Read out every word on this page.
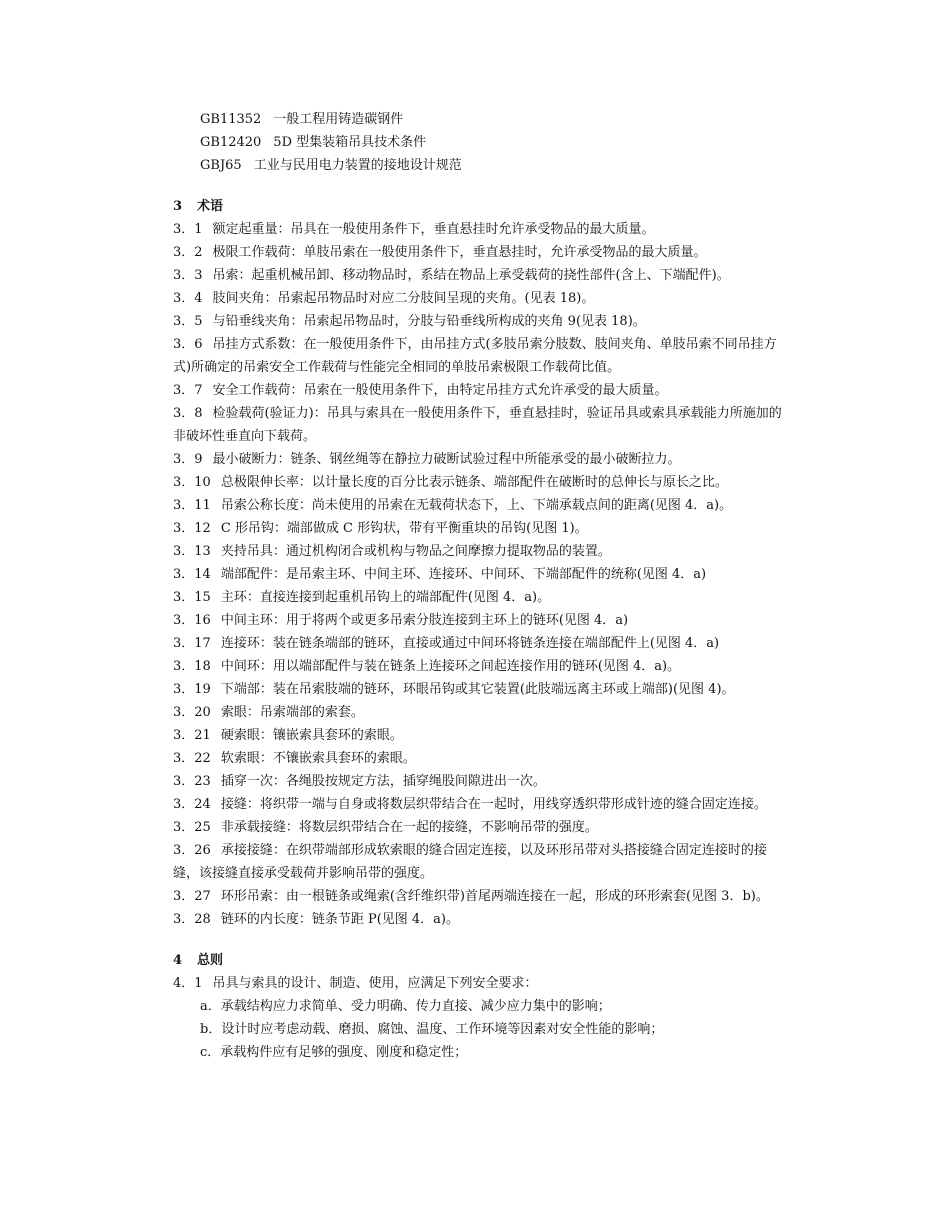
GB11352 一般工程用铸造碳钢件
GB12420 5D 型集装箱吊具技术条件
GBJ65 工业与民用电力装置的接地设计规范
3 术语
3．1 额定起重量：吊具在一般使用条件下，垂直悬挂时允许承受物品的最大质量。
3．2 极限工作载荷：单肢吊索在一般使用条件下，垂直悬挂时，允许承受物品的最大质量。
3．3 吊索：起重机械吊卸、移动物品时，系结在物品上承受载荷的挠性部件(含上、下端配件)。
3．4 肢间夹角：吊索起吊物品时对应二分肢间呈现的夹角。(见表 18)。
3．5 与铅垂线夹角：吊索起吊物品时，分肢与铅垂线所构成的夹角 9(见表 18)。
3．6 吊挂方式系数：在一般使用条件下，由吊挂方式(多肢吊索分肢数、肢间夹角、单肢吊索不同吊挂方式)所确定的吊索安全工作载荷与性能完全相同的单肢吊索极限工作载荷比值。
3．7 安全工作载荷：吊索在一般使用条件下，由特定吊挂方式允许承受的最大质量。
3．8 检验载荷(验证力)：吊具与索具在一般使用条件下，垂直悬挂时，验证吊具或索具承载能力所施加的非破坏性垂直向下载荷。
3．9 最小破断力：链条、钢丝绳等在静拉力破断试验过程中所能承受的最小破断拉力。
3．10 总极限伸长率：以计量长度的百分比表示链条、端部配件在破断时的总伸长与原长之比。
3．11 吊索公称长度：尚未使用的吊索在无载荷状态下，上、下端承载点间的距离(见图 4．a)。
3．12 C 形吊钩：端部做成 C 形钩状，带有平衡重块的吊钩(见图 1)。
3．13 夹持吊具：通过机构闭合或机构与物品之间摩擦力提取物品的装置。
3．14 端部配件：是吊索主环、中间主环、连接环、中间环、下端部配件的统称(见图 4．a)
3．15 主环：直接连接到起重机吊钩上的端部配件(见图 4．a)。
3．16 中间主环：用于将两个或更多吊索分肢连接到主环上的链环(见图 4．a)
3．17 连接环：装在链条端部的链环，直接或通过中间环将链条连接在端部配件上(见图 4．a)
3．18 中间环：用以端部配件与装在链条上连接环之间起连接作用的链环(见图 4．a)。
3．19 下端部：装在吊索肢端的链环，环眼吊钩或其它装置(此肢端远离主环或上端部)(见图 4)。
3．20 索眼：吊索端部的索套。
3．21 硬索眼：镶嵌索具套环的索眼。
3．22 软索眼：不镶嵌索具套环的索眼。
3．23 插穿一次：各绳股按规定方法，插穿绳股间隙进出一次。
3．24 接缝：将织带一端与自身或将数层织带结合在一起时，用线穿透织带形成针迹的缝合固定连接。
3．25 非承载接缝：将数层织带结合在一起的接缝，不影响吊带的强度。
3．26 承接接缝：在织带端部形成软索眼的缝合固定连接，以及环形吊带对头搭接缝合固定连接时的接缝，该接缝直接承受载荷并影响吊带的强度。
3．27 环形吊索：由一根链条或绳索(含纤维织带)首尾两端连接在一起，形成的环形索套(见图 3．b)。
3．28 链环的内长度：链条节距 P(见图 4．a)。
4 总则
4．1 吊具与索具的设计、制造、使用，应满足下列安全要求：
a．承载结构应力求简单、受力明确、传力直接、减少应力集中的影响；
b．设计时应考虑动载、磨损、腐蚀、温度、工作环境等因素对安全性能的影响；
c．承载构件应有足够的强度、刚度和稳定性；
